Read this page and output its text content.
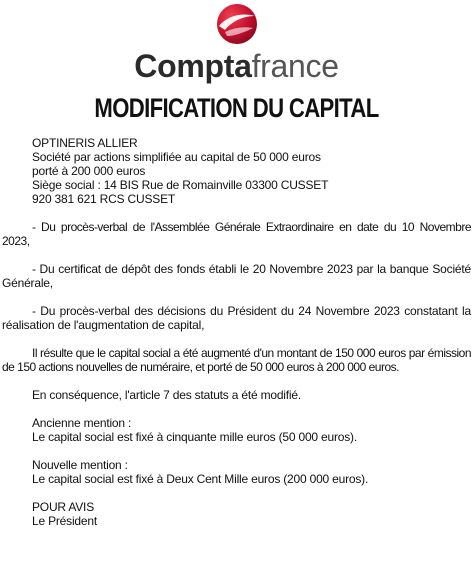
Comptafrance
MODIFICATION DU CAPITAL
OPTINERIS ALLIER
Société par actions simplifiée au capital de 50 000 euros
porté à 200 000 euros
Siège social : 14 BIS Rue de Romainville 03300 CUSSET
920 381 621 RCS CUSSET

- Du procès-verbal de l'Assemblée Générale Extraordinaire en date du 10 Novembre 2023,

- Du certificat de dépôt des fonds établi le 20 Novembre 2023 par la banque Société Générale,

- Du procès-verbal des décisions du Président du 24 Novembre 2023 constatant la réalisation de l'augmentation de capital,

Il résulte que le capital social a été augmenté d'un montant de 150 000 euros par émission de 150 actions nouvelles de numéraire, et porté de 50 000 euros à 200 000 euros.

En conséquence, l'article 7 des statuts a été modifié.

Ancienne mention :
Le capital social est fixé à cinquante mille euros (50 000 euros).
Nouvelle mention :
Le capital social est fixé à Deux Cent Mille euros (200 000 euros).
POUR AVIS
Le Président
